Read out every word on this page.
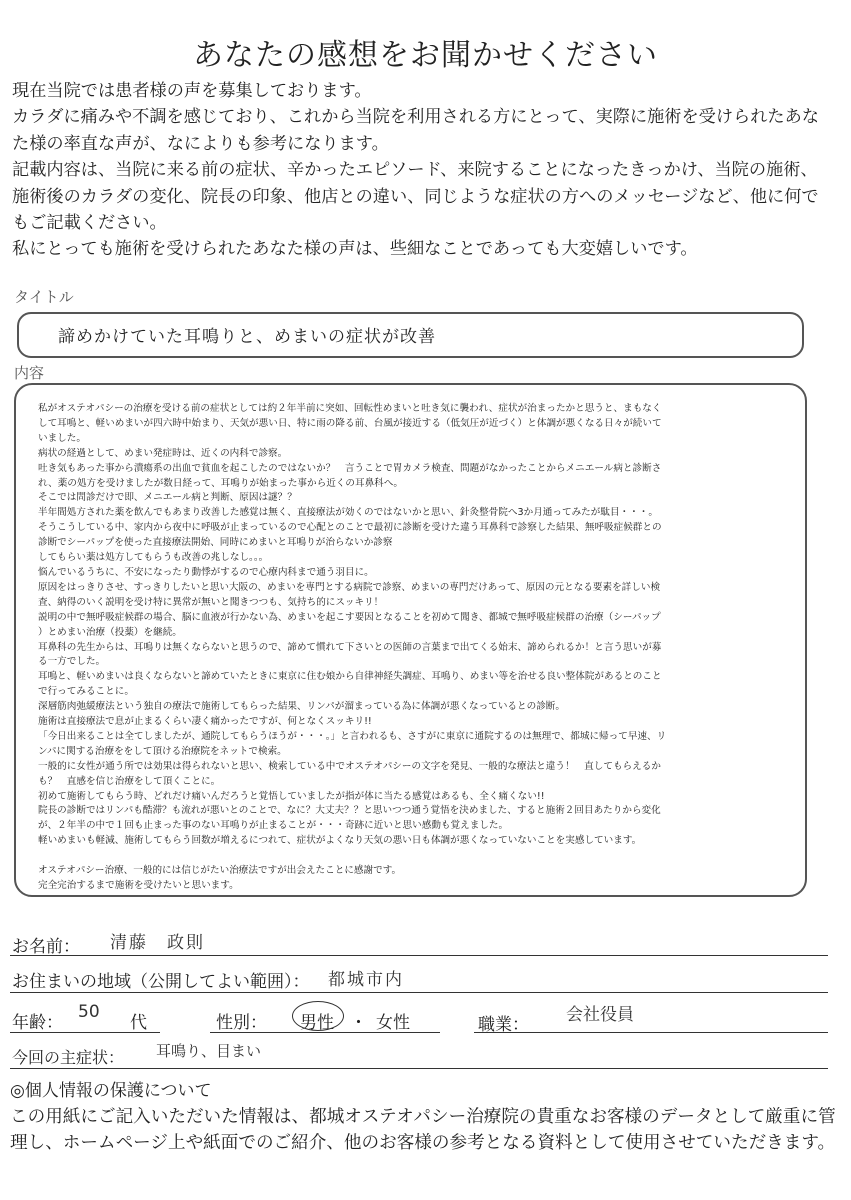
あなたの感想をお聞かせください
現在当院では患者様の声を募集しております。
カラダに痛みや不調を感じており、これから当院を利用される方にとって、実際に施術を受けられたあな
た様の率直な声が、なによりも参考になります。
記載内容は、当院に来る前の症状、辛かったエピソード、来院することになったきっかけ、当院の施術、
施術後のカラダの変化、院長の印象、他店との違い、同じような症状の方へのメッセージなど、他に何で
もご記載ください。
私にとっても施術を受けられたあなた様の声は、些細なことであっても大変嬉しいです。
タイトル
諦めかけていた耳鳴りと、めまいの症状が改善
内容
私がオステオパシーの治療を受ける前の症状としては約２年半前に突如、回転性めまいと吐き気に襲われ、症状が治まったかと思うと、まもなく
して耳鳴と、軽いめまいが四六時中始まり、天気が悪い日、特に雨の降る前、台風が接近する（低気圧が近づく）と体調が悪くなる日々が続いて
いました。
病状の経過として、めまい発症時は、近くの内科で診察。
吐き気もあった事から潰瘍系の出血で貧血を起こしたのではないか？　言うことで胃カメラ検査、問題がなかったことからメニエール病と診断さ
れ、薬の処方を受けましたが数日経って、耳鳴りが始まった事から近くの耳鼻科へ。
そこでは問診だけで即、メニエール病と判断、原因は謎？？
半年間処方された薬を飲んでもあまり改善した感覚は無く、直接療法が効くのではないかと思い、針灸整骨院へ3か月通ってみたが駄目・・・。
そうこうしている中、家内から夜中に呼吸が止まっているので心配とのことで最初に診断を受けた違う耳鼻科で診察した結果、無呼吸症候群との
診断でシーパップを使った直接療法開始、同時にめまいと耳鳴りが治らないか診察
してもらい薬は処方してもらうも改善の兆しなし。。。
悩んでいるうちに、不安になったり動悸がするので心療内科まで通う羽目に。
原因をはっきりさせ、すっきりしたいと思い大阪の、めまいを専門とする病院で診察、めまいの専門だけあって、原因の元となる要素を詳しい検
査、納得のいく説明を受け特に異常が無いと聞きつつも、気持ち的にスッキリ！
説明の中で無呼吸症候群の場合、脳に血液が行かない為、めまいを起こす要因となることを初めて聞き、都城で無呼吸症候群の治療（シーパップ
）とめまい治療（投薬）を継続。
耳鼻科の先生からは、耳鳴りは無くならないと思うので、諦めて慣れて下さいとの医師の言葉まで出てくる始末、諦められるか！と言う思いが募
る一方でした。
耳鳴と、軽いめまいは良くならないと諦めていたときに東京に住む娘から自律神経失調症、耳鳴り、めまい等を治せる良い整体院があるとのこと
で行ってみることに。
深層筋肉弛緩療法という独自の療法で施術してもらった結果、リンパが溜まっている為に体調が悪くなっているとの診断。
施術は直接療法で息が止まるくらい凄く痛かったですが、何となくスッキリ!!
「今日出来ることは全てしましたが、通院してもらうほうが・・・。」と言われるも、さすがに東京に通院するのは無理で、都城に帰って早速、リ
ンパに関する治療ををして頂ける治療院をネットで検索。
一般的に女性が通う所では効果は得られないと思い、検索している中でオステオパシーの文字を発見、一般的な療法と違う！　直してもらえるか
も？　直感を信じ治療をして頂くことに。
初めて施術してもらう時、どれだけ痛いんだろうと覚悟していましたが指が体に当たる感覚はあるも、全く痛くない!!
院長の診断ではリンパも酷滞？も流れが悪いとのことで、なに？大丈夫？？と思いつつ通う覚悟を決めました、すると施術２回目あたりから変化
が、２年半の中で１回も止まった事のない耳鳴りが止まることが・・・奇跡に近いと思い感動も覚えました。
軽いめまいも軽減、施術してもらう回数が増えるにつれて、症状がよくなり天気の悪い日も体調が悪くなっていないことを実感しています。
オステオパシー治療、一般的には信じがたい治療法ですが出会えたことに感謝です。
完全完治するまで施術を受けたいと思います。
お名前： 清藤　政則
お住まいの地域（公開してよい範囲）： 都城市内
年齢：
50
代	性別： 男性 ・ 女性	職業： 会社役員
今回の主症状： 耳鳴り、目まい
◎個人情報の保護について
この用紙にご記入いただいた情報は、都城オステオパシー治療院の貴重なお客様のデータとして厳重に管
理し、ホームページ上や紙面でのご紹介、他のお客様の参考となる資料として使用させていただきます。
